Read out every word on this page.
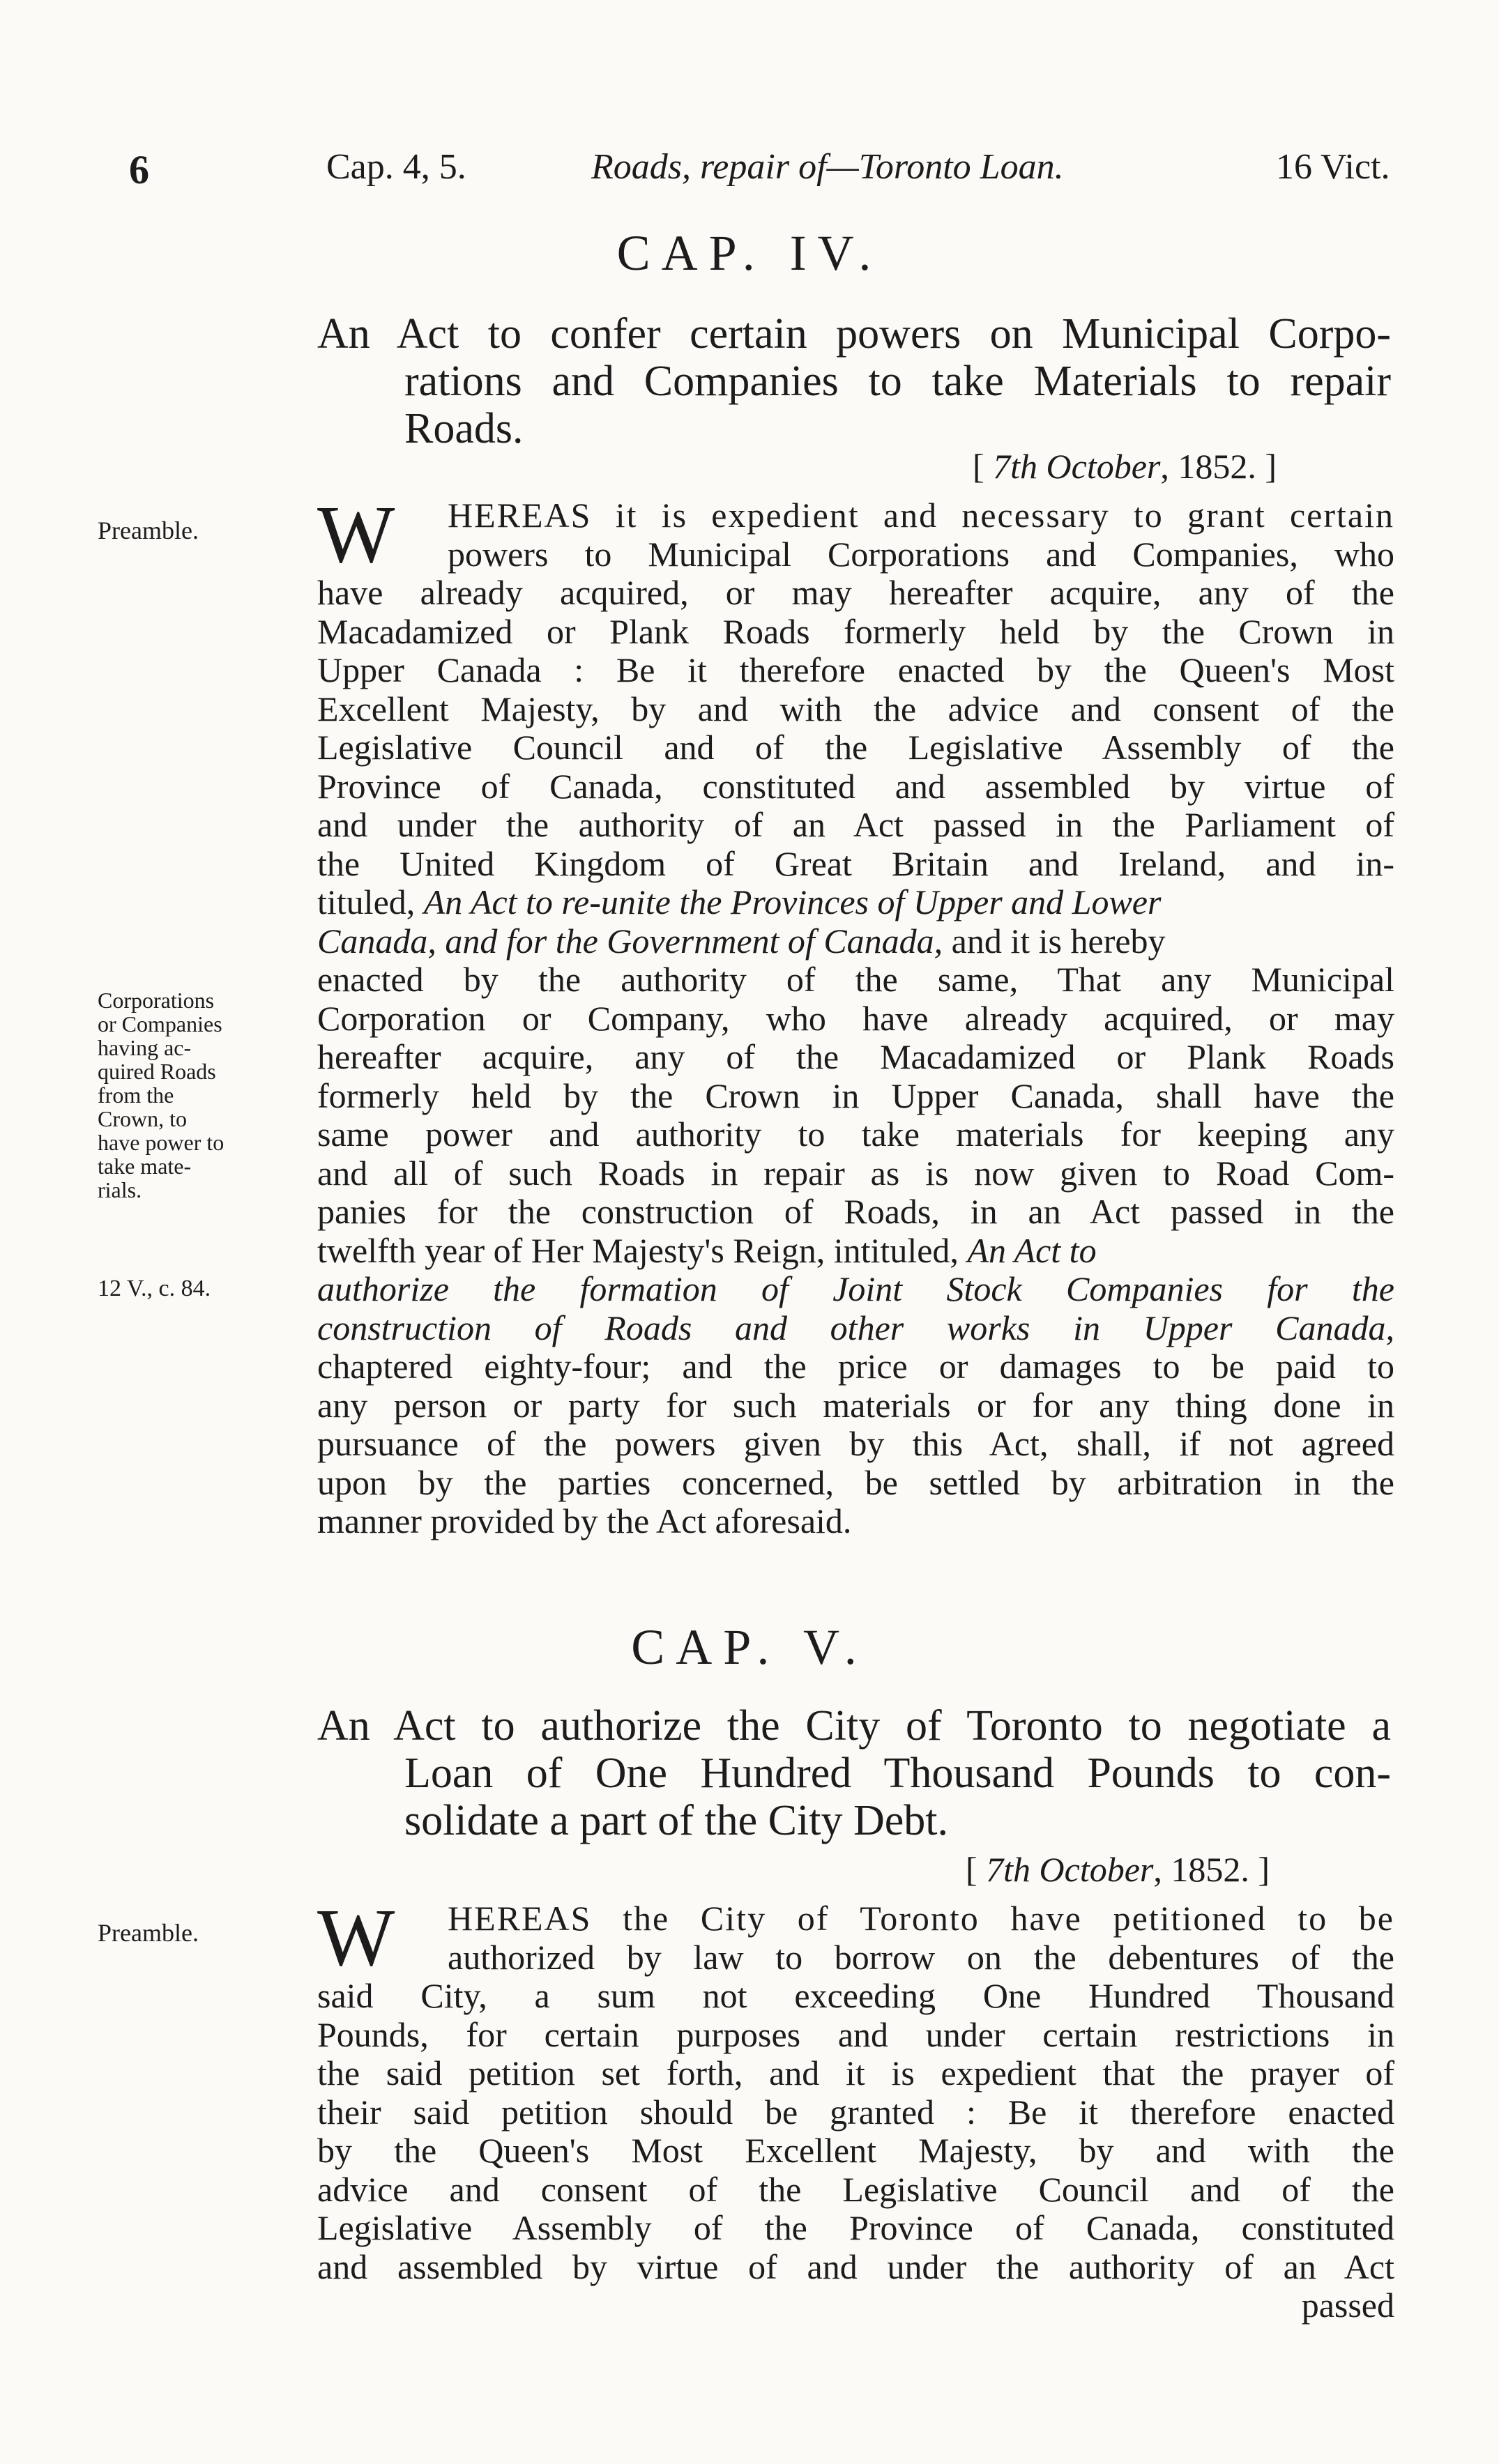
6	Cap. 4, 5.	Roads, repair of—Toronto Loan.	16 Vict.
CAP. IV.
An Act to confer certain powers on Municipal Corpo-
rations and Companies to take Materials to repair
Roads.
[ 7th October, 1852. ]
Preamble. W	HEREAS it is expedient and necessary to grant certain
powers to Municipal Corporations and Companies, who
have already acquired, or may hereafter acquire, any of the
Macadamized or Plank Roads formerly held by the Crown in
Upper Canada : Be it therefore enacted by the Queen's Most
Excellent Majesty, by and with the advice and consent of the
Legislative Council and of the Legislative Assembly of the
Province of Canada, constituted and assembled by virtue of
and under the authority of an Act passed in the Parliament of
the United Kingdom of Great Britain and Ireland, and in-
tituled, An Act to re-unite the Provinces of Upper and Lower
Canada, and for the Government of Canada, and it is hereby
enacted by the authority of the same, That any Municipal
Corporation or Company, who have already acquired, or may
hereafter acquire, any of the Macadamized or Plank Roads
formerly held by the Crown in Upper Canada, shall have the
same power and authority to take materials for keeping any
and all of such Roads in repair as is now given to Road Com-
panies for the construction of Roads, in an Act passed in the
twelfth year of Her Majesty's Reign, intituled, An Act to
authorize the formation of Joint Stock Companies for the
construction of Roads and other works in Upper Canada,
chaptered eighty-four; and the price or damages to be paid to
any person or party for such materials or for any thing done in
pursuance of the powers given by this Act, shall, if not agreed
upon by the parties concerned, be settled by arbitration in the
manner provided by the Act aforesaid.
Corporations
or Companies
having ac-
quired Roads
from the
Crown, to
have power to
take mate-
rials.
12 V., c. 84.
CAP. V.
An Act to authorize the City of Toronto to negotiate a
Loan of One Hundred Thousand Pounds to con-
solidate a part of the City Debt.
[ 7th October, 1852. ]
Preamble. W	HEREAS the City of Toronto have petitioned to be
authorized by law to borrow on the debentures of the
said City, a sum not exceeding One Hundred Thousand
Pounds, for certain purposes and under certain restrictions in
the said petition set forth, and it is expedient that the prayer of
their said petition should be granted : Be it therefore enacted
by the Queen's Most Excellent Majesty, by and with the
advice and consent of the Legislative Council and of the
Legislative Assembly of the Province of Canada, constituted
and assembled by virtue of and under the authority of an Act
passed
